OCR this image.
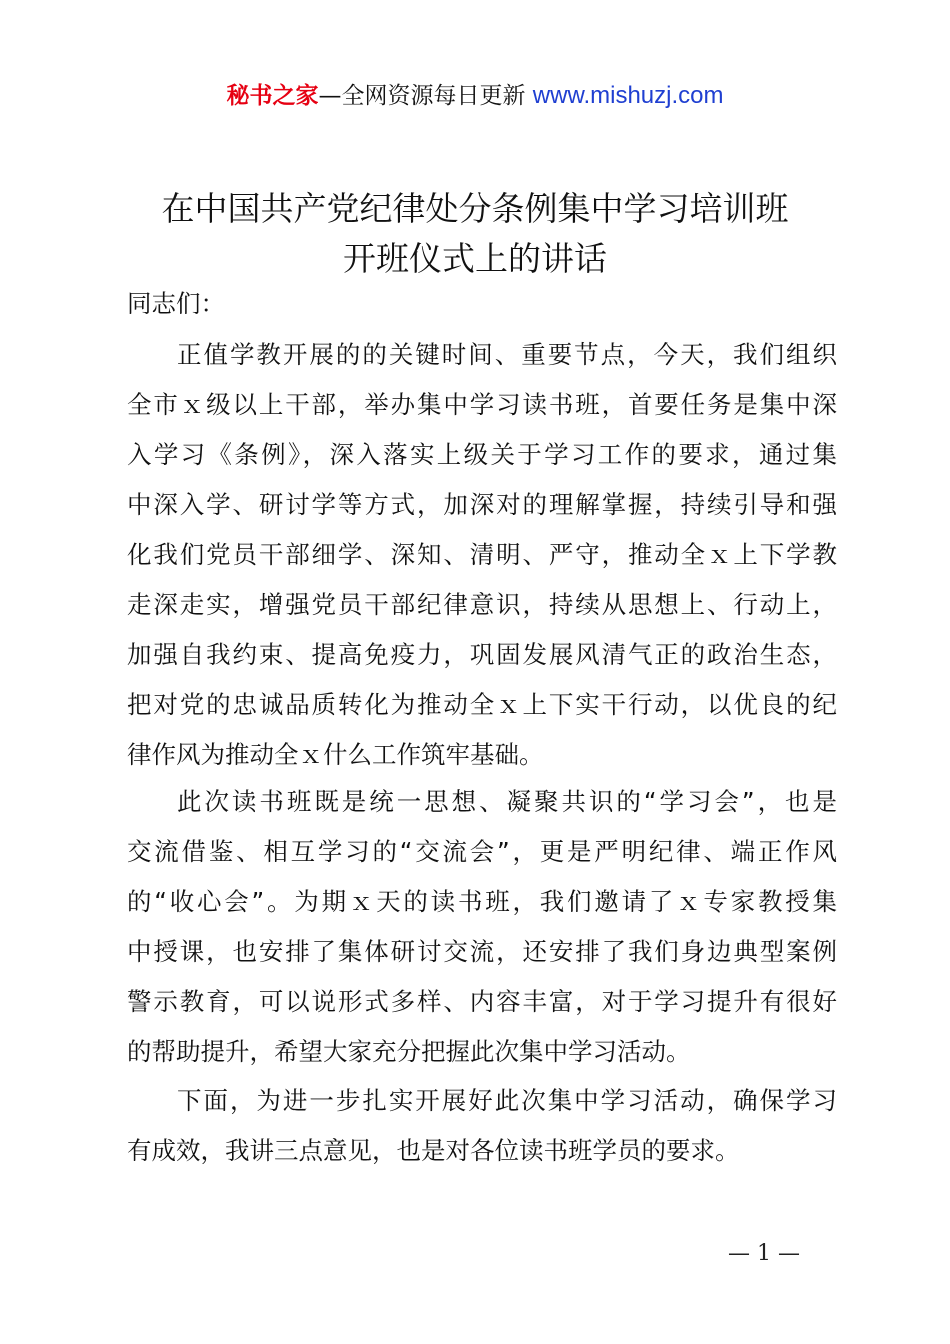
秘书之家—全网资源每日更新 www.mishuzj.com
在中国共产党纪律处分条例集中学习培训班
开班仪式上的讲话
同志们：
正值学教开展的的关键时间、重要节点，今天，我们组织
全市ｘ级以上干部，举办集中学习读书班，首要任务是集中深
入学习《条例》，深入落实上级关于学习工作的要求，通过集
中深入学、研讨学等方式，加深对的理解掌握，持续引导和强
化我们党员干部细学、深知、清明、严守，推动全ｘ上下学教
走深走实，增强党员干部纪律意识，持续从思想上、行动上，
加强自我约束、提高免疫力，巩固发展风清气正的政治生态，
把对党的忠诚品质转化为推动全ｘ上下实干行动，以优良的纪
律作风为推动全ｘ什么工作筑牢基础。
此次读书班既是统一思想、凝聚共识的“学习会”，也是
交流借鉴、相互学习的“交流会”，更是严明纪律、端正作风
的“收心会”。为期ｘ天的读书班，我们邀请了ｘ专家教授集
中授课，也安排了集体研讨交流，还安排了我们身边典型案例
警示教育，可以说形式多样、内容丰富，对于学习提升有很好
的帮助提升，希望大家充分把握此次集中学习活动。
下面，为进一步扎实开展好此次集中学习活动，确保学习
有成效，我讲三点意见，也是对各位读书班学员的要求。
— 1 —
